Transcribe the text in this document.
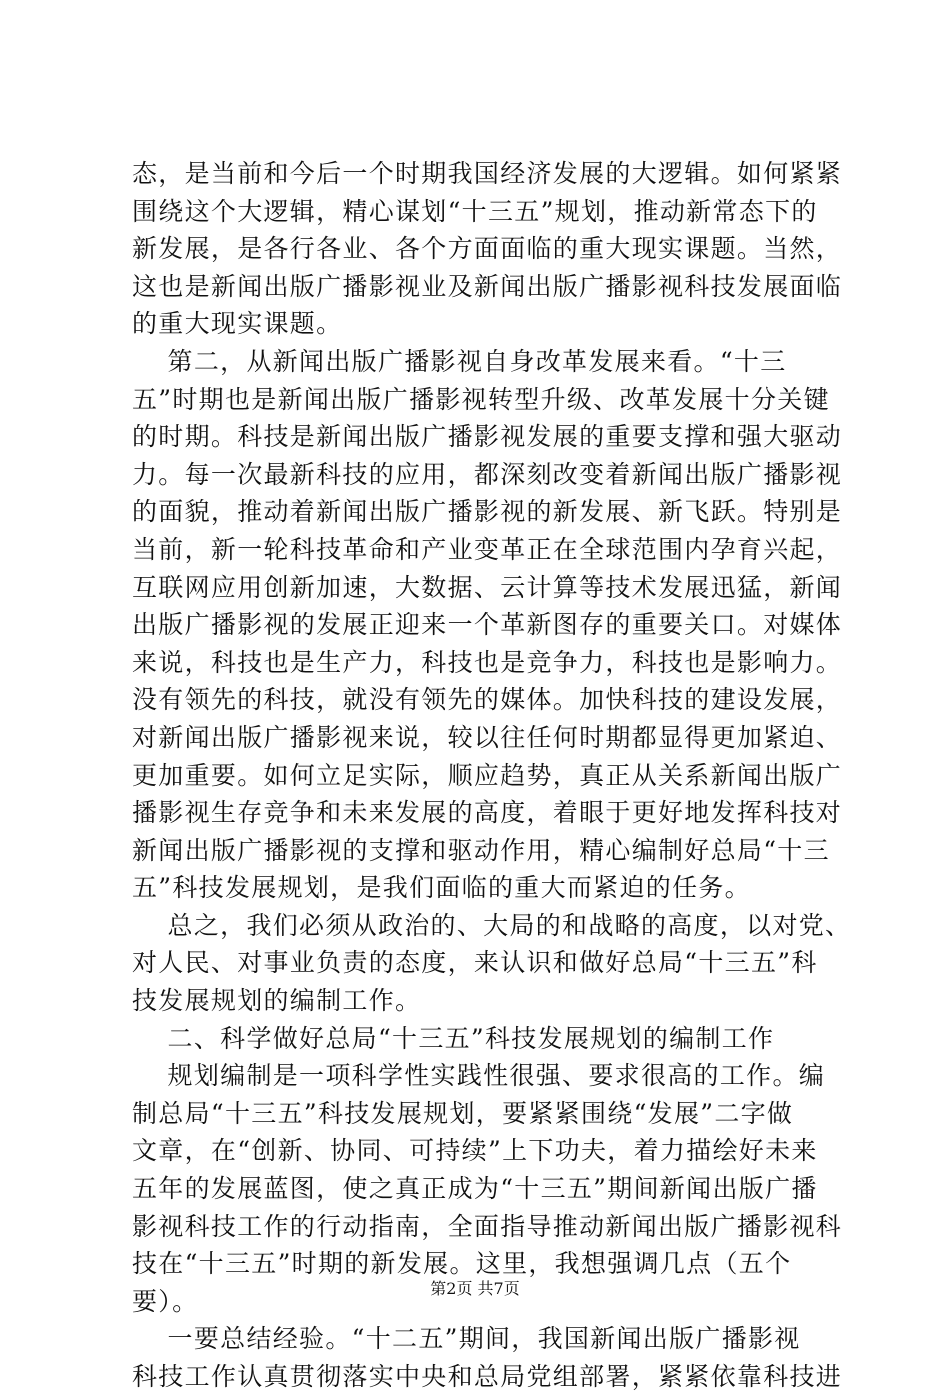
态，是当前和今后一个时期我国经济发展的大逻辑。如何紧紧
围绕这个大逻辑，精心谋划“十三五”规划，推动新常态下的
新发展，是各行各业、各个方面面临的重大现实课题。当然，
这也是新闻出版广播影视业及新闻出版广播影视科技发展面临
的重大现实课题。
　 第二，从新闻出版广播影视自身改革发展来看。“十三
五”时期也是新闻出版广播影视转型升级、改革发展十分关键
的时期。科技是新闻出版广播影视发展的重要支撑和强大驱动
力。每一次最新科技的应用，都深刻改变着新闻出版广播影视
的面貌，推动着新闻出版广播影视的新发展、新飞跃。特别是
当前，新一轮科技革命和产业变革正在全球范围内孕育兴起，
互联网应用创新加速，大数据、云计算等技术发展迅猛，新闻
出版广播影视的发展正迎来一个革新图存的重要关口。对媒体
来说，科技也是生产力，科技也是竞争力，科技也是影响力。
没有领先的科技，就没有领先的媒体。加快科技的建设发展，
对新闻出版广播影视来说，较以往任何时期都显得更加紧迫、
更加重要。如何立足实际，顺应趋势，真正从关系新闻出版广
播影视生存竞争和未来发展的高度，着眼于更好地发挥科技对
新闻出版广播影视的支撑和驱动作用，精心编制好总局“十三
五”科技发展规划，是我们面临的重大而紧迫的任务。
　 总之，我们必须从政治的、大局的和战略的高度，以对党、
对人民、对事业负责的态度，来认识和做好总局“十三五”科
技发展规划的编制工作。
　 二、科学做好总局“十三五”科技发展规划的编制工作
　 规划编制是一项科学性实践性很强、要求很高的工作。编
制总局“十三五”科技发展规划，要紧紧围绕“发展”二字做
文章，在“创新、协同、可持续”上下功夫，着力描绘好未来
五年的发展蓝图，使之真正成为“十三五”期间新闻出版广播
影视科技工作的行动指南，全面指导推动新闻出版广播影视科
技在“十三五”时期的新发展。这里，我想强调几点（五个
要）。
　 一要总结经验。“十二五”期间，我国新闻出版广播影视
科技工作认真贯彻落实中央和总局党组部署，紧紧依靠科技进
第2页 共7页
